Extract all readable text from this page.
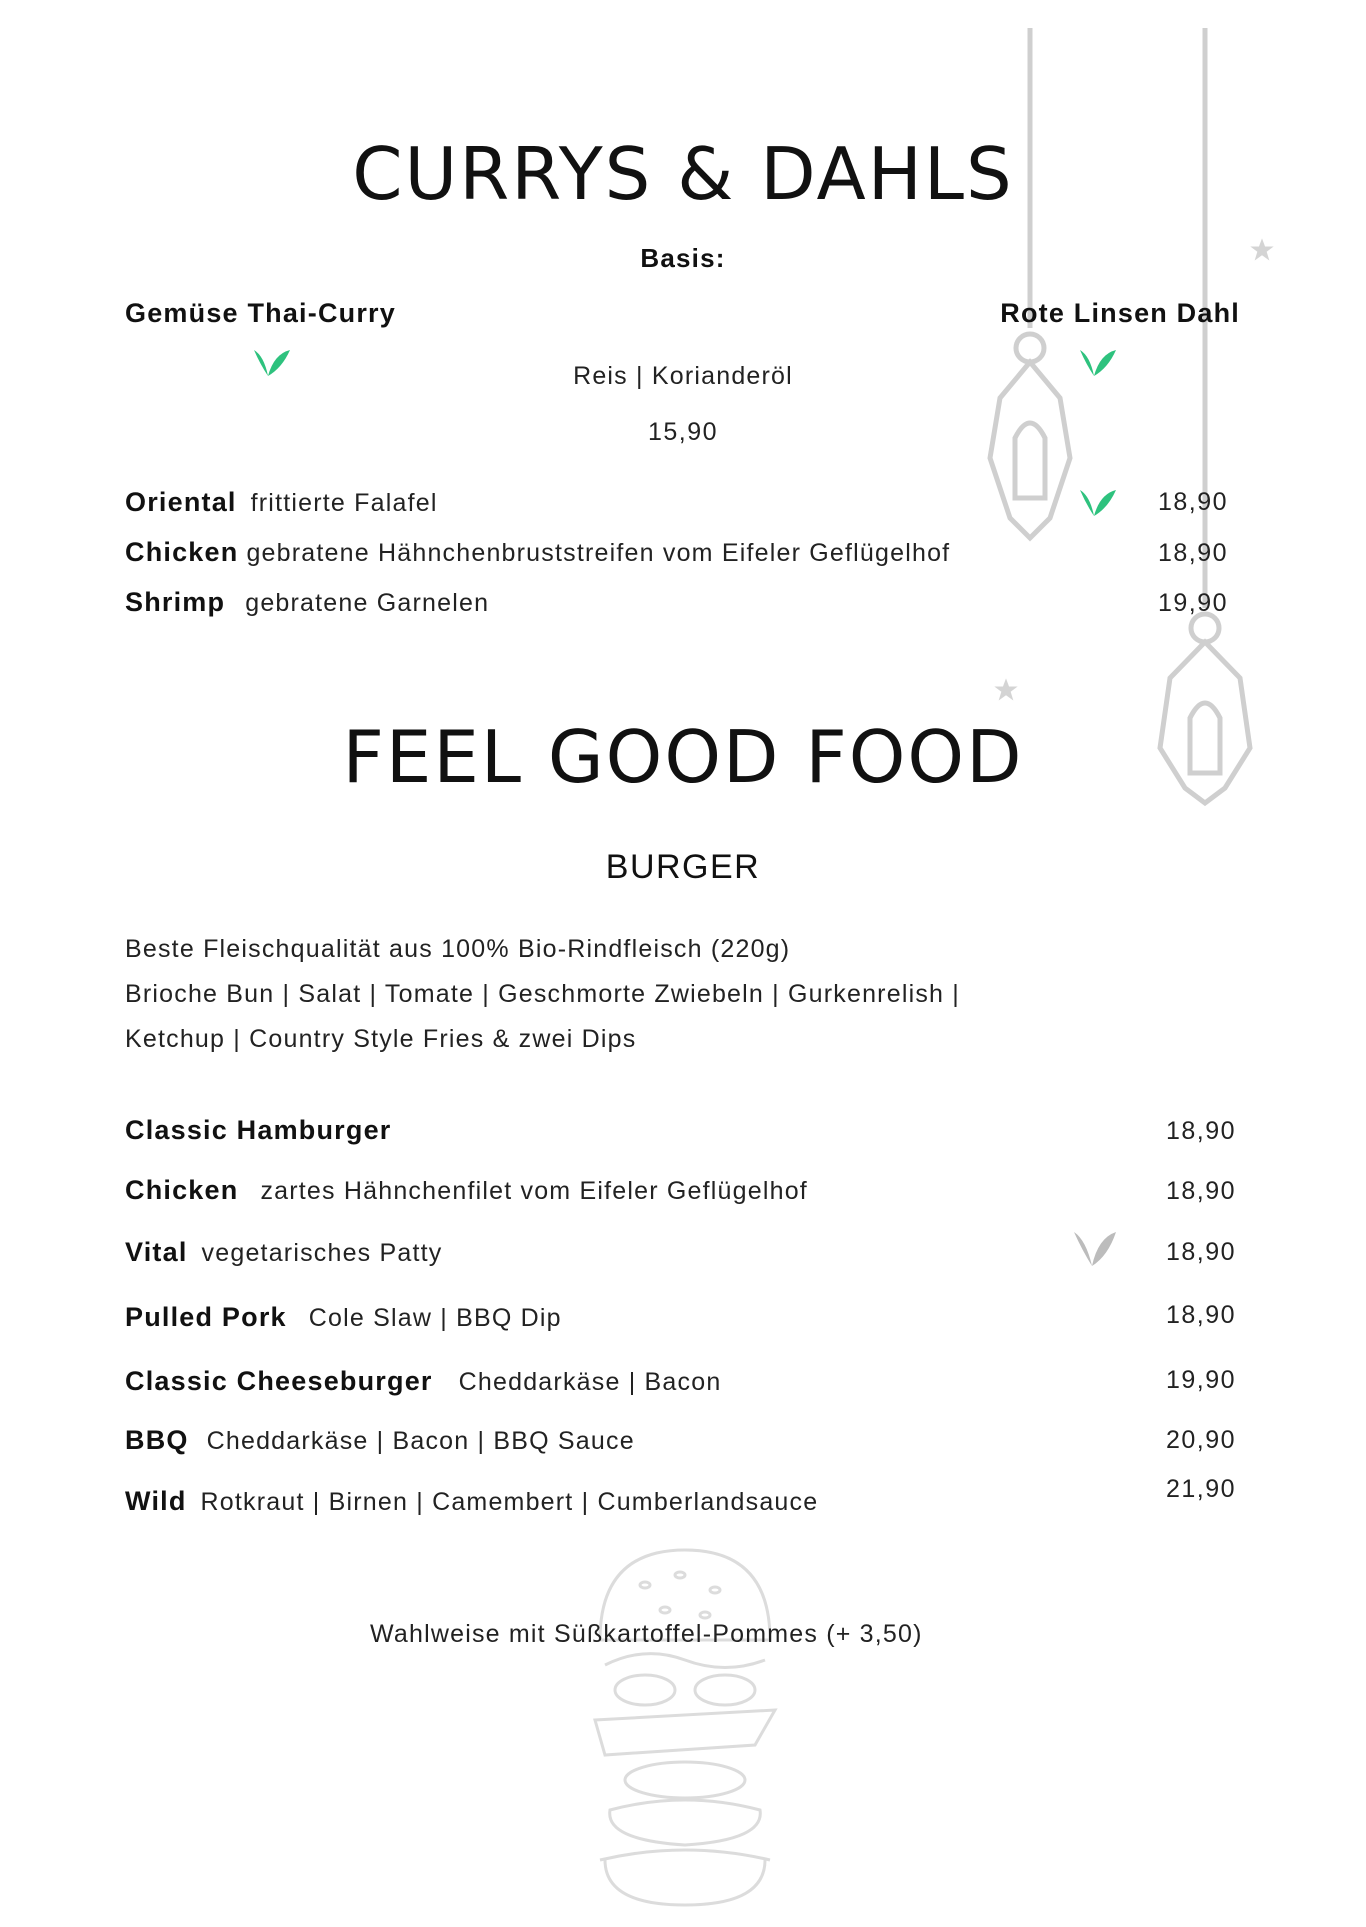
CURRYS & DAHLS
Basis:
Gemüse Thai-Curry	Rote Linsen Dahl
Reis | Korianderöl
15,90
Oriental frittierte Falafel	18,90
Chicken gebratene Hähnchenbruststreifen vom Eifeler Geflügelhof	18,90
Shrimp gebratene Garnelen	19,90
FEEL GOOD FOOD
BURGER
Beste Fleischqualität aus 100% Bio-Rindfleisch (220g)
Brioche Bun | Salat | Tomate | Geschmorte Zwiebeln | Gurkenrelish |
Ketchup | Country Style Fries & zwei Dips
Classic Hamburger	18,90
Chicken zartes Hähnchenfilet vom Eifeler Geflügelhof	18,90
Vital vegetarisches Patty	18,90
Pulled Pork Cole Slaw | BBQ Dip	18,90
Classic Cheeseburger Cheddarkäse | Bacon	19,90
BBQ Cheddarkäse | Bacon | BBQ Sauce	20,90
Wild Rotkraut | Birnen | Camembert | Cumberlandsauce	21,90
Wahlweise mit Süßkartoffel-Pommes (+ 3,50)
